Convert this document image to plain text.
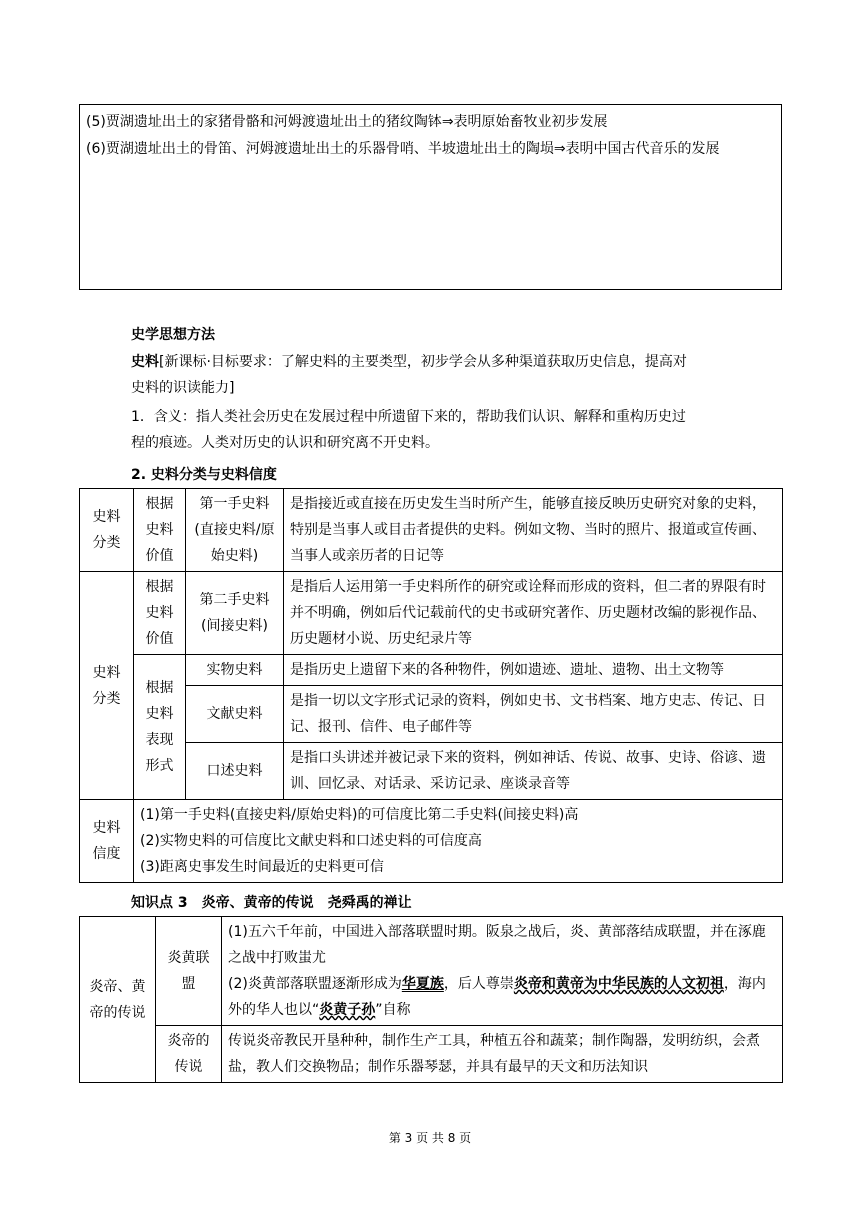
(5)贾湖遗址出土的家猪骨骼和河姆渡遗址出土的猪纹陶钵⇒表明原始畜牧业初步发展

(6)贾湖遗址出土的骨笛、河姆渡遗址出土的乐器骨哨、半坡遗址出土的陶埙⇒表明中国古代音乐的发展

史学思想方法

史料[新课标·目标要求：了解史料的主要类型，初步学会从多种渠道获取历史信息，提高对

史料的识读能力]

1．含义：指人类社会历史在发展过程中所遗留下来的，帮助我们认识、解释和重构历史过

程的痕迹。人类对历史的认识和研究离不开史料。

2. 史料分类与史料信度
史料分类	根据史料价值	第一手史料(直接史料/原始史料)	是指接近或直接在历史发生当时所产生，能够直接反映历史研究对象的史料，特别是当事人或目击者提供的史料。例如文物、当时的照片、报道或宣传画、当事人或亲历者的日记等
史料分类	根据史料价值	第二手史料(间接史料)	是指后人运用第一手史料所作的研究或诠释而形成的资料，但二者的界限有时并不明确，例如后代记载前代的史书或研究著作、历史题材改编的影视作品、历史题材小说、历史纪录片等
	根据史料表现形式	实物史料	是指历史上遗留下来的各种物件，例如遗迹、遗址、遗物、出土文物等
		文献史料	是指一切以文字形式记录的资料，例如史书、文书档案、地方史志、传记、日记、报刊、信件、电子邮件等
		口述史料	是指口头讲述并被记录下来的资料，例如神话、传说、故事、史诗、俗谚、遗训、回忆录、对话录、采访记录、座谈录音等
史料信度	(1)第一手史料(直接史料/原始史料)的可信度比第二手史料(间接史料)高
(2)实物史料的可信度比文献史料和口述史料的可信度高
(3)距离史事发生时间最近的史料更可信		
知识点 3　炎帝、黄帝的传说　尧舜禹的禅让
炎帝、黄帝的传说	炎黄联盟	(1)五六千年前，中国进入部落联盟时期。阪泉之战后，炎、黄部落结成联盟，并在涿鹿之战中打败蚩尤
(2)炎黄部落联盟逐渐形成为华夏族，后人尊崇炎帝和黄帝为中华民族的人文初祖，海内外的华人也以“炎黄子孙”自称

	炎帝的传说	传说炎帝教民开垦种种，制作生产工具，种植五谷和蔬菜；制作陶器，发明纺织，会煮盐，教人们交换物品；制作乐器琴瑟，并具有最早的天文和历法知识
第 3 页 共 8 页
